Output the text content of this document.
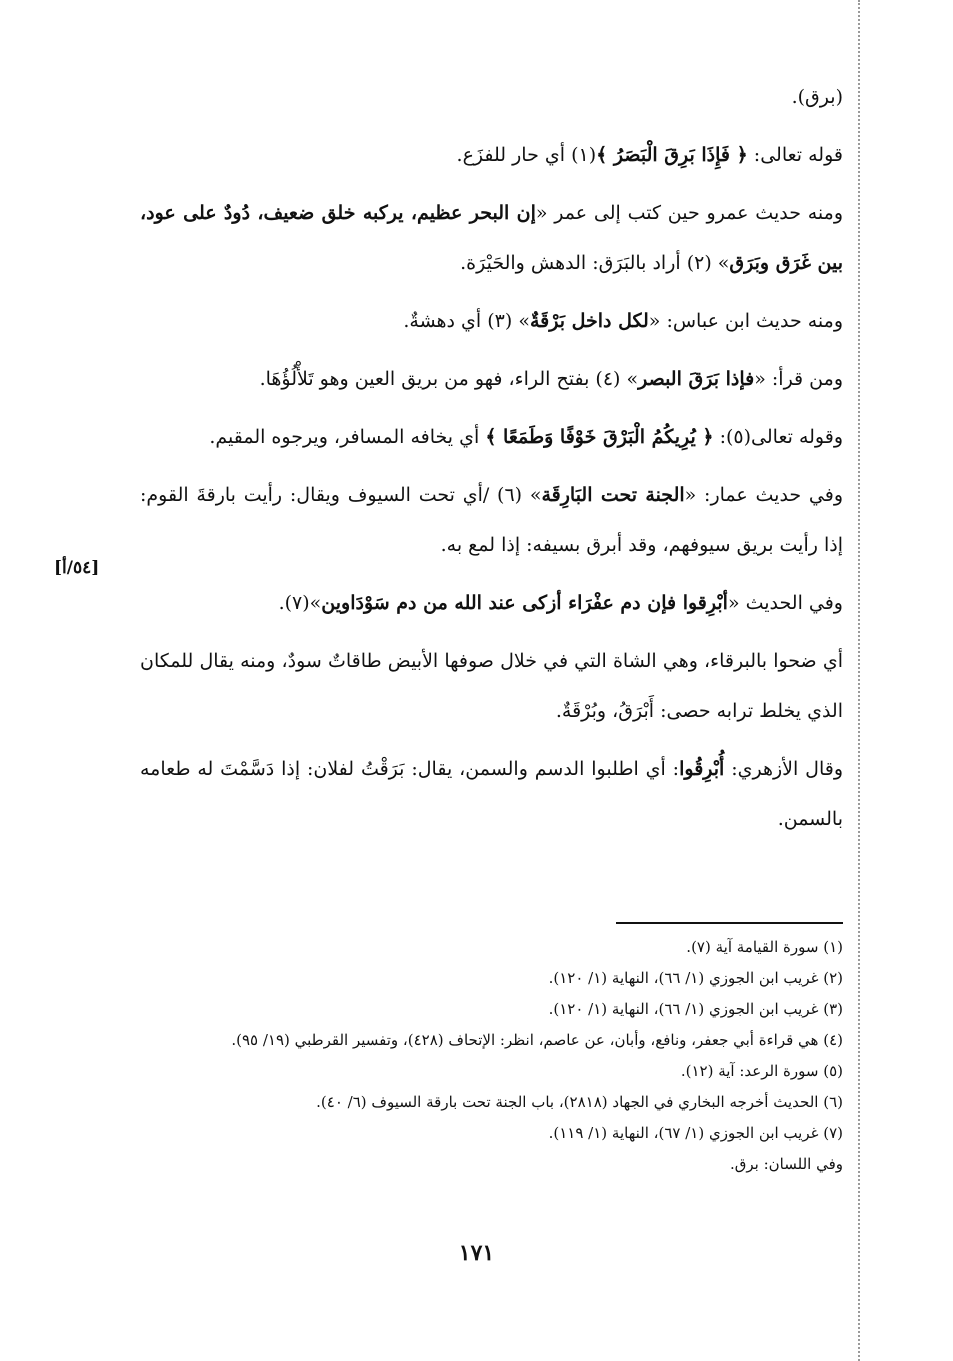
(برق).

قوله تعالى: ﴿ فَإِذَا بَرِقَ الْبَصَرُ ﴾(١) أي حار للفزَع.

ومنه حديث عمرو حين كتب إلى عمر «إن البحر عظيم، يركبه خلق ضعيف، دُودٌ على عود، بين غَرَق وبَرَق» (٢) أراد بالبَرَق: الدهش والحَيْرَة.

ومنه حديث ابن عباس: «لكل داخل بَرْقَةٌ» (٣) أي دهشةٌ.

ومن قرأ: «فإذا بَرَقَ البصر» (٤) بفتح الراء، فهو من بريق العين وهو تَلأْلُؤُهَا.

وقوله تعالى(٥): ﴿ يُرِيكُمُ الْبَرْقَ خَوْفًا وَطَمَعًا ﴾ أي يخافه المسافر، ويرجوه المقيم.

وفي حديث عمار: «الجنة تحت البَارِقَة» (٦) /أي تحت السيوف ويقال: رأيت بارقةَ القوم: إذا رأيت بريق سيوفهم، وقد أبرق بسيفه: إذا لمع به.

وفي الحديث «أبْرِقوا فإن دم عفْرَاء أزكى عند الله من دم سَوْدَاوين»(٧).

أي ضحوا بالبرقاء، وهي الشاة التي في خلال صوفها الأبيض طاقاتٌ سودٌ، ومنه يقال للمكان الذي يخلط ترابه حصى: أَبْرَقُ، وبُرْقَةٌ.

وقال الأزهري: أُبْرِقُوا: أي اطلبوا الدسم والسمن، يقال: بَرَقْتُ لفلان: إذا دَسَّمْتَ له طعامه بالسمن.

[٥٤/أ]

(١) سورة القيامة آية (٧).

(٢) غريب ابن الجوزي (١/ ٦٦)، النهاية (١/ ١٢٠).

(٣) غريب ابن الجوزي (١/ ٦٦)، النهاية (١/ ١٢٠).

(٤) هي قراءة أبي جعفر، ونافع، وأبان، عن عاصم، انظر: الإتحاف (٤٢٨)، وتفسير القرطبي (١٩/ ٩٥).

(٥) سورة الرعد: آية (١٢).

(٦) الحديث أخرجه البخاري في الجهاد (٢٨١٨)، باب الجنة تحت بارقة السيوف (٦/ ٤٠).

(٧) غريب ابن الجوزي (١/ ٦٧)، النهاية (١/ ١١٩).

وفي اللسان: برق.

١٧١
